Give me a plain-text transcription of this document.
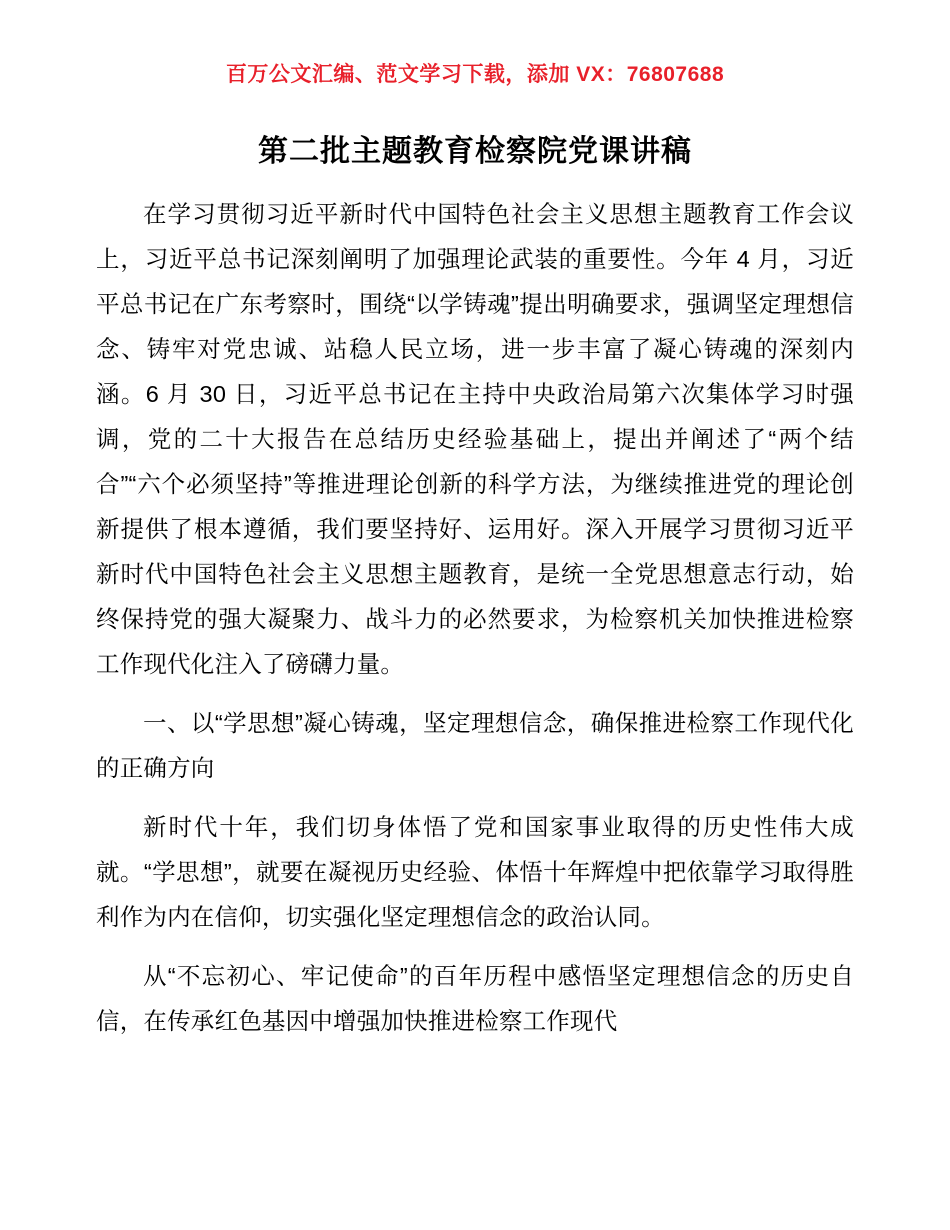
百万公文汇编、范文学习下载，添加 VX：76807688
第二批主题教育检察院党课讲稿

在学习贯彻习近平新时代中国特色社会主义思想主题教育工作会议上，习近平总书记深刻阐明了加强理论武装的重要性。今年 4 月，习近平总书记在广东考察时，围绕“以学铸魂”提出明确要求，强调坚定理想信念、铸牢对党忠诚、站稳人民立场，进一步丰富了凝心铸魂的深刻内涵。6 月 30 日，习近平总书记在主持中央政治局第六次集体学习时强调，党的二十大报告在总结历史经验基础上，提出并阐述了“两个结合”“六个必须坚持”等推进理论创新的科学方法，为继续推进党的理论创新提供了根本遵循，我们要坚持好、运用好。深入开展学习贯彻习近平新时代中国特色社会主义思想主题教育，是统一全党思想意志行动，始终保持党的强大凝聚力、战斗力的必然要求，为检察机关加快推进检察工作现代化注入了磅礴力量。

一、以“学思想”凝心铸魂，坚定理想信念，确保推进检察工作现代化的正确方向

新时代十年，我们切身体悟了党和国家事业取得的历史性伟大成就。“学思想”，就要在凝视历史经验、体悟十年辉煌中把依靠学习取得胜利作为内在信仰，切实强化坚定理想信念的政治认同。

从“不忘初心、牢记使命”的百年历程中感悟坚定理想信念的历史自信，在传承红色基因中增强加快推进检察工作现代
